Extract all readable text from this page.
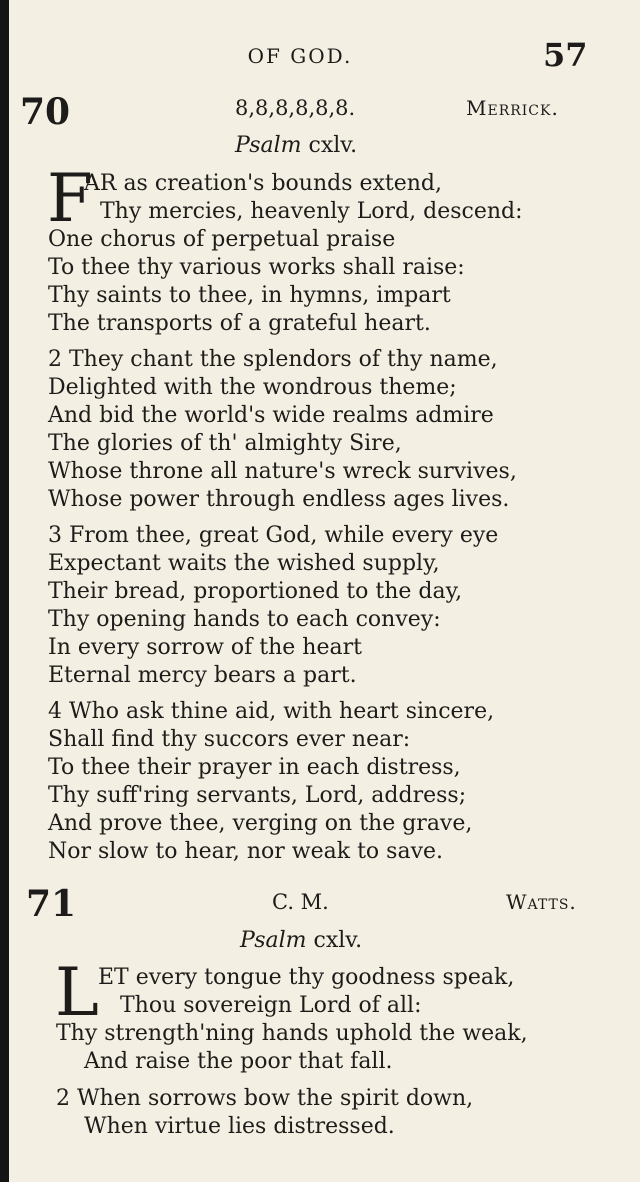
OF GOD.	57
70	8,8,8,8,8,8.	Merrick.
Psalm cxlv.
F
AR as creation's bounds extend,
Thy mercies, heavenly Lord, descend:
One chorus of perpetual praise
To thee thy various works shall raise:
Thy saints to thee, in hymns, impart
The transports of a grateful heart.
2 They chant the splendors of thy name,
Delighted with the wondrous theme;
And bid the world's wide realms admire
The glories of th' almighty Sire,
Whose throne all nature's wreck survives,
Whose power through endless ages lives.
3 From thee, great God, while every eye
Expectant waits the wished supply,
Their bread, proportioned to the day,
Thy opening hands to each convey:
In every sorrow of the heart
Eternal mercy bears a part.
4 Who ask thine aid, with heart sincere,
Shall find thy succors ever near:
To thee their prayer in each distress,
Thy suff'ring servants, Lord, address;
And prove thee, verging on the grave,
Nor slow to hear, nor weak to save.
71	C. M.	Watts.
Psalm cxlv.
L ET every tongue thy goodness speak,
Thou sovereign Lord of all:
Thy strength'ning hands uphold the weak,
And raise the poor that fall.
2 When sorrows bow the spirit down,
When virtue lies distressed.
